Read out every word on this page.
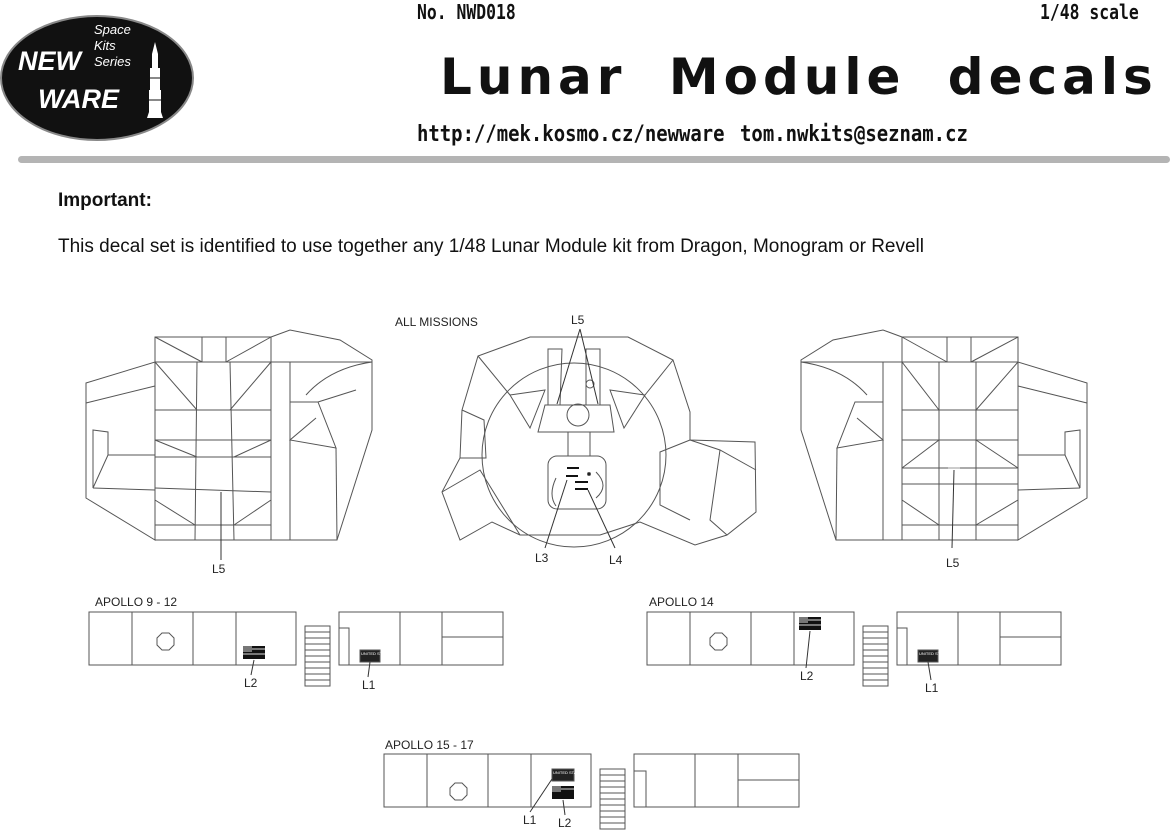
Space
Kits
Series
NEW
WARE
No. NWD018	1/48 scale
Lunar Module decals
http://mek.kosmo.cz/newware tom.nwkits@seznam.cz
Important:
This decal set is identified to use together any 1/48 Lunar Module kit from Dragon, Monogram or Revell
L5
ALL MISSIONS	L5
L3	L4	L5
APOLLO 9 - 12
UNITED STATES
L2	L1
APOLLO 14
UNITED STATES
L2
L1
APOLLO 15 - 17
UNITED STATES
L1 L2
